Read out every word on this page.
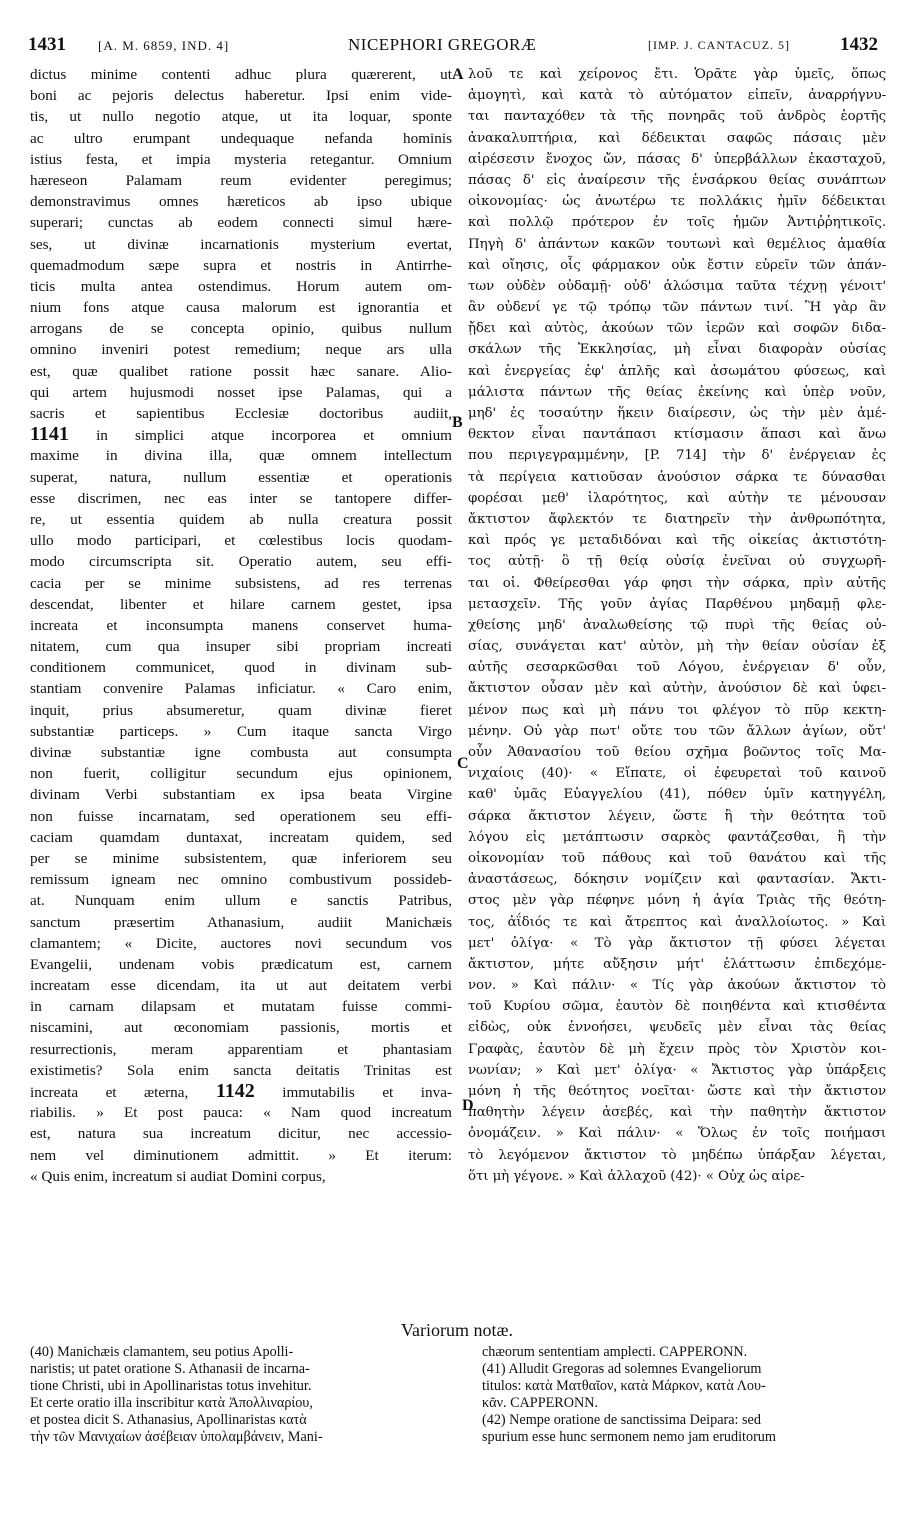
1431 [A. M. 6859, IND. 4]	NICEPHORI GREGORÆ	[IMP. J. CANTACUZ. 5]	1432
dictus minime contenti adhuc plura quærerent, ut
boni ac pejoris delectus haberetur. Ipsi enim vide-
tis, ut nullo negotio atque, ut ita loquar, sponte
ac ultro erumpant undequaque nefanda hominis
istius festa, et impia mysteria retegantur. Omnium
hæreseon Palamam reum evidenter peregimus;
demonstravimus omnes hæreticos ab ipso ubique
superari; cunctas ab eodem connecti simul hære-
ses, ut divinæ incarnationis mysterium evertat,
quemadmodum sæpe supra et nostris in Antirrhe-
ticis multa antea ostendimus. Horum autem om-
nium fons atque causa malorum est ignorantia et
arrogans de se concepta opinio, quibus nullum
omnino inveniri potest remedium; neque ars ulla
est, quæ qualibet ratione possit hæc sanare. Alio-
qui artem hujusmodi nosset ipse Palamas, qui a
sacris et sapientibus Ecclesiæ doctoribus audiit,
1141 in simplici atque incorporea et omnium
maxime in divina illa, quæ omnem intellectum
superat, natura, nullum essentiæ et operationis
esse discrimen, nec eas inter se tantopere differ-
re, ut essentia quidem ab nulla creatura possit
ullo modo participari, et cœlestibus locis quodam-
modo circumscripta sit. Operatio autem, seu effi-
cacia per se minime subsistens, ad res terrenas
descendat, libenter et hilare carnem gestet, ipsa
increata et inconsumpta manens conservet huma-
nitatem, cum qua insuper sibi propriam increati
conditionem communicet, quod in divinam sub-
stantiam convenire Palamas inficiatur. « Caro enim,
inquit, prius absumeretur, quam divinæ fieret
substantiæ particeps. » Cum itaque sancta Virgo
divinæ substantiæ igne combusta aut consumpta
non fuerit, colligitur secundum ejus opinionem,
divinam Verbi substantiam ex ipsa beata Virgine
non fuisse incarnatam, sed operationem seu effi-
caciam quamdam duntaxat, increatam quidem, sed
per se minime subsistentem, quæ inferiorem seu
remissum igneam nec omnino combustivum possideb-
at. Nunquam enim ullum e sanctis Patribus,
sanctum præsertim Athanasium, audiit Manichæis
clamantem; « Dicite, auctores novi secundum vos
Evangelii, undenam vobis prædicatum est, carnem
increatam esse dicendam, ita ut aut deitatem verbi
in carnam dilapsam et mutatam fuisse commi-
niscamini, aut œconomiam passionis, mortis et
resurrectionis, meram apparentiam et phantasiam
existimetis? Sola enim sancta deitatis Trinitas est
increata et æterna, 1142 immutabilis et inva-
riabilis. » Et post pauca: « Nam quod increatum
est, natura sua increatum dicitur, nec accessio-
nem vel diminutionem admittit. » Et iterum:
« Quis enim, increatum si audiat Domini corpus,
λοῦ τε καὶ χείρονος ἔτι. Ὁρᾶτε γὰρ ὑμεῖς, ὅπως
ἀμογητὶ, καὶ κατὰ τὸ αὐτόματον εἰπεῖν, ἀναρρήγνυ-
ται πανταχόθεν τὰ τῆς πονηρᾶς τοῦ ἀνδρὸς ἑορτῆς
ἀνακαλυπτήρια, καὶ δέδεικται σαφῶς πάσαις μὲν
αἱρέσεσιν ἔνοχος ὤν, πάσας δ' ὑπερβάλλων ἑκασταχοῦ,
πάσας δ' εἰς ἀναίρεσιν τῆς ἐνσάρκου θείας συνάπτων
οἰκονομίας· ὡς ἀνωτέρω τε πολλάκις ἡμῖν δέδεικται
καὶ πολλῷ πρότερον ἐν τοῖς ἡμῶν Ἀντιῤῥητικοῖς.
Πηγὴ δ' ἁπάντων κακῶν τουτωνὶ καὶ θεμέλιος ἀμαθία
καὶ οἴησις, οἷς φάρμακον οὐκ ἔστιν εὑρεῖν τῶν ἁπάν-
των οὐδὲν οὐδαμῇ· οὐδ' ἀλώσιμα ταῦτα τέχνῃ γένοιτ'
ἂν οὐδενί γε τῷ τρόπῳ τῶν πάντων τινί. Ἢ γὰρ ἂν
ᾔδει καὶ αὐτὸς, ἀκούων τῶν ἱερῶν καὶ σοφῶν διδα-
σκάλων τῆς Ἐκκλησίας, μὴ εἶναι διαφορὰν οὐσίας
καὶ ἐνεργείας ἐφ' ἁπλῆς καὶ ἀσωμάτου φύσεως, καὶ
μάλιστα πάντων τῆς θείας ἐκείνης καὶ ὑπὲρ νοῦν,
μηδ' ἐς τοσαύτην ἥκειν διαίρεσιν, ὡς τὴν μὲν ἀμέ-
θεκτον εἶναι παντάπασι κτίσμασιν ἅπασι καὶ ἄνω
που περιγεγραμμένην, [P. 714] τὴν δ' ἐνέργειαν ἐς
τὰ περίγεια κατιοῦσαν ἀνούσιον σάρκα τε δύνασθαι
φορέσαι μεθ' ἱλαρότητος, καὶ αὐτὴν τε μένουσαν
ἄκτιστον ἄφλεκτόν τε διατηρεῖν τὴν ἀνθρωπότητα,
καὶ πρός γε μεταδιδόναι καὶ τῆς οἰκείας ἀκτιστότη-
τος αὐτῇ· ὃ τῇ θείᾳ οὐσίᾳ ἐνεῖναι οὐ συγχωρῆ-
ται οἱ. Φθείρεσθαι γάρ φησι τὴν σάρκα, πρὶν αὐτῆς
μετασχεῖν. Τῆς γοῦν ἁγίας Παρθένου μηδαμῇ φλε-
χθείσης μηδ' ἀναλωθείσης τῷ πυρὶ τῆς θείας οὐ-
σίας, συνάγεται κατ' αὐτὸν, μὴ τὴν θείαν οὐσίαν ἐξ
αὐτῆς σεσαρκῶσθαι τοῦ Λόγου, ἐνέργειαν δ' οὖν,
ἄκτιστον οὖσαν μὲν καὶ αὐτὴν, ἀνούσιον δὲ καὶ ὑφει-
μένον πως καὶ μὴ πάνυ τοι φλέγον τὸ πῦρ κεκτη-
μένην. Οὐ γὰρ πωτ' οὔτε του τῶν ἄλλων ἁγίων, οὔτ'
οὖν Ἀθανασίου τοῦ θείου σχῆμα βοῶντος τοῖς Μα-
νιχαίοις (40)· « Εἴπατε, οἱ ἐφευρεταὶ τοῦ καινοῦ
καθ' ὑμᾶς Εὐαγγελίου (41), πόθεν ὑμῖν κατηγγέλη,
σάρκα ἄκτιστον λέγειν, ὥστε ἢ τὴν θεότητα τοῦ
λόγου εἰς μετάπτωσιν σαρκὸς φαντάζεσθαι, ἢ τὴν
οἰκονομίαν τοῦ πάθους καὶ τοῦ θανάτου καὶ τῆς
ἀναστάσεως, δόκησιν νομίζειν καὶ φαντασίαν. Ἄκτι-
στος μὲν γὰρ πέφηνε μόνη ἡ ἁγία Τριὰς τῆς θεότη-
τος, ἀΐδιός τε καὶ ἄτρεπτος καὶ ἀναλλοίωτος. » Καὶ
μετ' ὀλίγα· « Τὸ γὰρ ἄκτιστον τῇ φύσει λέγεται
ἄκτιστον, μήτε αὔξησιν μήτ' ἐλάττωσιν ἐπιδεχόμε-
νον. » Καὶ πάλιν· « Τίς γὰρ ἀκούων ἄκτιστον τὸ
τοῦ Κυρίου σῶμα, ἑαυτὸν δὲ ποιηθέντα καὶ κτισθέντα
εἰδὼς, οὐκ ἐννοήσει, ψευδεῖς μὲν εἶναι τὰς θείας
Γραφὰς, ἑαυτὸν δὲ μὴ ἔχειν πρὸς τὸν Χριστὸν κοι-
νωνίαν; » Καὶ μετ' ὀλίγα· « Ἄκτιστος γὰρ ὑπάρξεις
μόνη ἡ τῆς θεότητος νοεῖται· ὥστε καὶ τὴν ἄκτιστον
παθητὴν λέγειν ἀσεβές, καὶ τὴν παθητὴν ἄκτιστον
ὀνομάζειν. » Καὶ πάλιν· « Ὅλως ἐν τοῖς ποιήμασι
τὸ λεγόμενον ἄκτιστον τὸ μηδέπω ὑπάρξαν λέγεται,
ὅτι μὴ γέγονε. » Καὶ ἀλλαχοῦ (42)· « Οὐχ ὡς αἱρε-
A
B
C
D
Variorum notæ.
(40) Manichæis clamantem, seu potius Apolli-
naristis; ut patet oratione S. Athanasii de incarna-
tione Christi, ubi in Apollinaristas totus invehitur.
Et certe oratio illa inscribitur κατὰ Ἀπολλιναρίου,
et postea dicit S. Athanasius, Apollinaristas κατὰ
τὴν τῶν Μανιχαίων ἀσέβειαν ὑπολαμβάνειν, Mani-
chæorum sententiam amplecti. CAPPERONN.
(41) Alludit Gregoras ad solemnes Evangeliorum
titulos: κατὰ Ματθαῖον, κατὰ Μάρκον, κατὰ Λου-
κᾶν. CAPPERONN.
(42) Nempe oratione de sanctissima Deipara: sed
spurium esse hunc sermonem nemo jam eruditorum
